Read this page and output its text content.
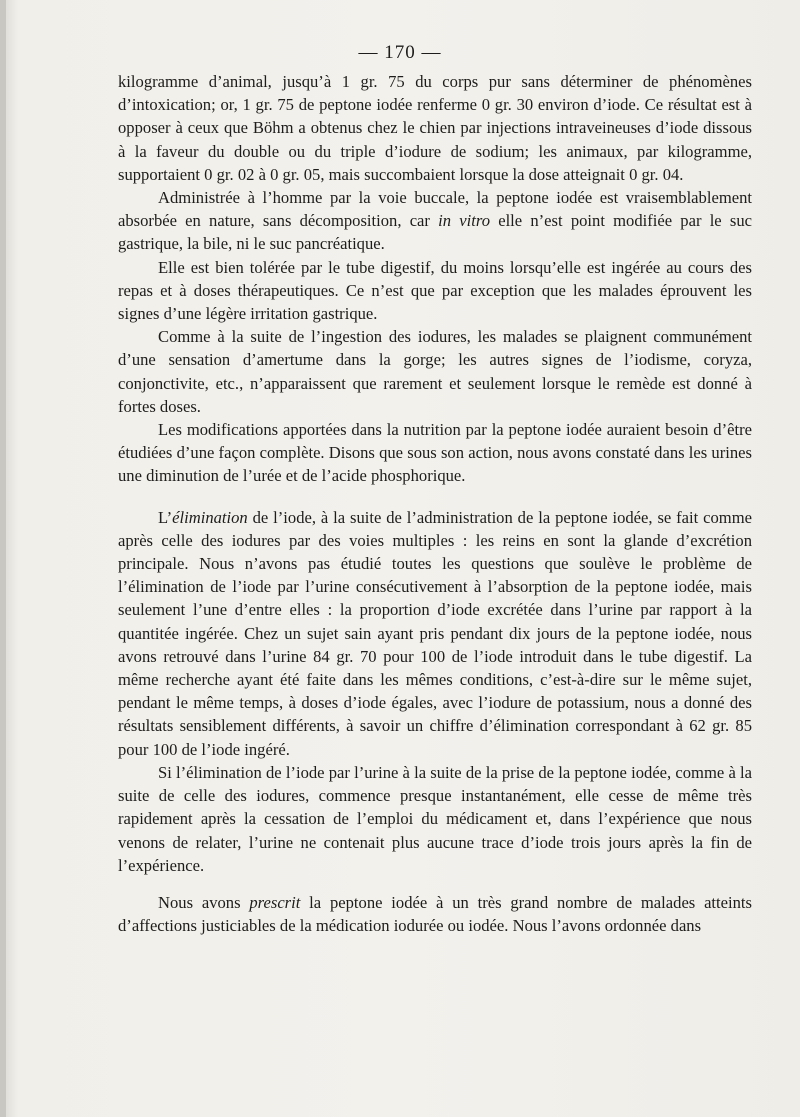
— 170 —

kilogramme d’animal, jusqu’à 1 gr. 75 du corps pur sans déterminer de phénomènes d’intoxication; or, 1 gr. 75 de peptone iodée renferme 0 gr. 30 environ d’iode. Ce résultat est à opposer à ceux que Böhm a obtenus chez le chien par injections intraveineuses d’iode dissous à la faveur du double ou du triple d’iodure de sodium; les animaux, par kilogramme, supportaient 0 gr. 02 à 0 gr. 05, mais succombaient lorsque la dose atteignait 0 gr. 04.

Administrée à l’homme par la voie buccale, la peptone iodée est vraisemblablement absorbée en nature, sans décomposition, car in vitro elle n’est point modifiée par le suc gastrique, la bile, ni le suc pancréatique.

Elle est bien tolérée par le tube digestif, du moins lorsqu’elle est ingérée au cours des repas et à doses thérapeutiques. Ce n’est que par exception que les malades éprouvent les signes d’une légère irritation gastrique.

Comme à la suite de l’ingestion des iodures, les malades se plaignent communément d’une sensation d’amertume dans la gorge; les autres signes de l’iodisme, coryza, conjonctivite, etc., n’apparaissent que rarement et seulement lorsque le remède est donné à fortes doses.

Les modifications apportées dans la nutrition par la peptone iodée auraient besoin d’être étudiées d’une façon complète. Disons que sous son action, nous avons constaté dans les urines une diminution de l’urée et de l’acide phosphorique.

L’élimination de l’iode, à la suite de l’administration de la peptone iodée, se fait comme après celle des iodures par des voies multiples : les reins en sont la glande d’excrétion principale. Nous n’avons pas étudié toutes les questions que soulève le problème de l’élimination de l’iode par l’urine consécutivement à l’absorption de la peptone iodée, mais seulement l’une d’entre elles : la proportion d’iode excrétée dans l’urine par rapport à la quantitée ingérée. Chez un sujet sain ayant pris pendant dix jours de la peptone iodée, nous avons retrouvé dans l’urine 84 gr. 70 pour 100 de l’iode introduit dans le tube digestif. La même recherche ayant été faite dans les mêmes conditions, c’est-à-dire sur le même sujet, pendant le même temps, à doses d’iode égales, avec l’iodure de potassium, nous a donné des résultats sensiblement différents, à savoir un chiffre d’élimination correspondant à 62 gr. 85 pour 100 de l’iode ingéré.

Si l’élimination de l’iode par l’urine à la suite de la prise de la peptone iodée, comme à la suite de celle des iodures, commence presque instantanément, elle cesse de même très rapidement après la cessation de l’emploi du médicament et, dans l’expérience que nous venons de relater, l’urine ne contenait plus aucune trace d’iode trois jours après la fin de l’expérience.

Nous avons prescrit la peptone iodée à un très grand nombre de malades atteints d’affections justiciables de la médication iodurée ou iodée. Nous l’avons ordonnée dans
